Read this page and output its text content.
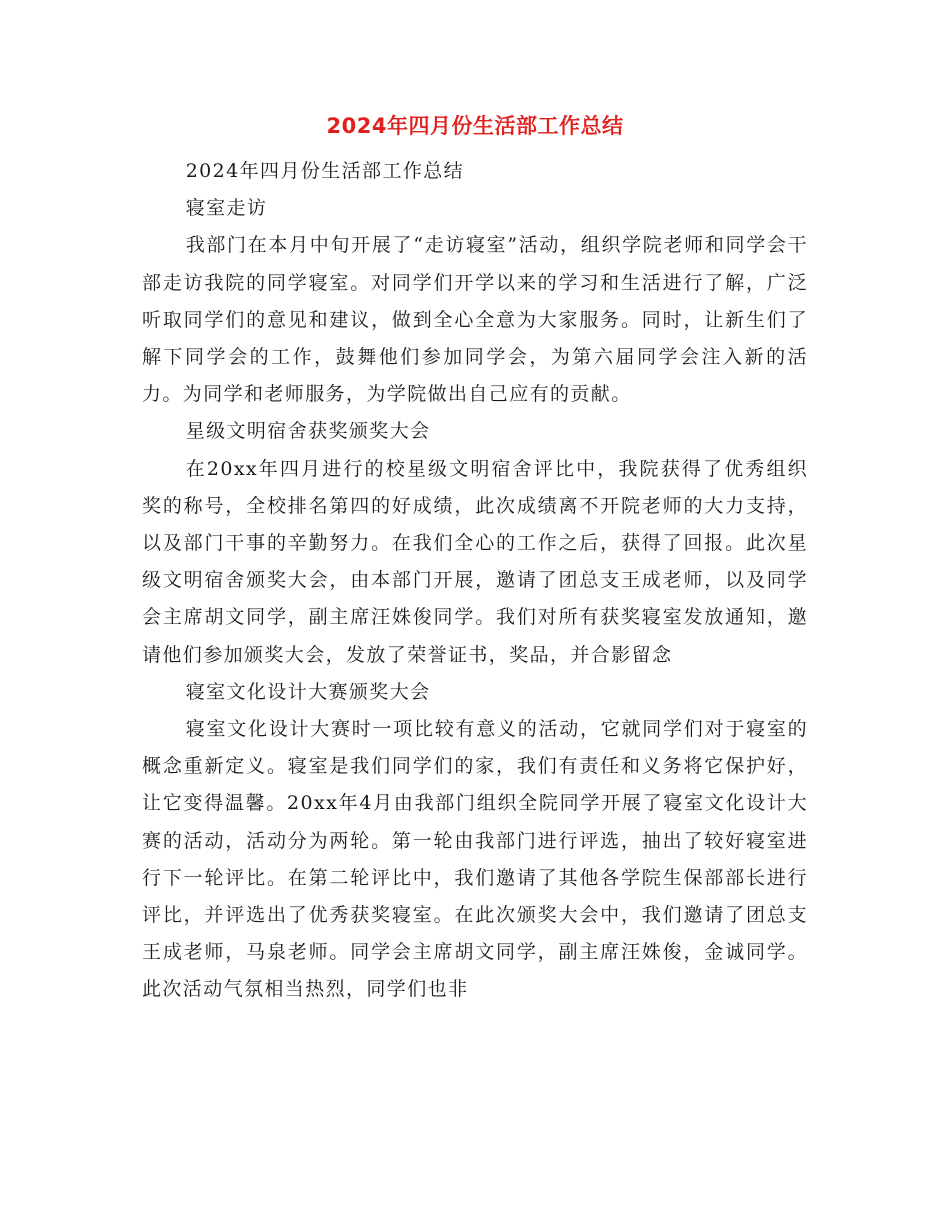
2024年四月份生活部工作总结

2024年四月份生活部工作总结

寝室走访

我部门在本月中旬开展了“走访寝室”活动，组织学院老师和同学会干部走访我院的同学寝室。对同学们开学以来的学习和生活进行了解，广泛听取同学们的意见和建议，做到全心全意为大家服务。同时，让新生们了解下同学会的工作，鼓舞他们参加同学会，为第六届同学会注入新的活力。为同学和老师服务，为学院做出自己应有的贡献。

星级文明宿舍获奖颁奖大会

在20xx年四月进行的校星级文明宿舍评比中，我院获得了优秀组织奖的称号，全校排名第四的好成绩，此次成绩离不开院老师的大力支持，以及部门干事的辛勤努力。在我们全心的工作之后，获得了回报。此次星级文明宿舍颁奖大会，由本部门开展，邀请了团总支王成老师，以及同学会主席胡文同学，副主席汪姝俊同学。我们对所有获奖寝室发放通知，邀请他们参加颁奖大会，发放了荣誉证书，奖品，并合影留念

寝室文化设计大赛颁奖大会

寝室文化设计大赛时一项比较有意义的活动，它就同学们对于寝室的概念重新定义。寝室是我们同学们的家，我们有责任和义务将它保护好，让它变得温馨。20xx年4月由我部门组织全院同学开展了寝室文化设计大赛的活动，活动分为两轮。第一轮由我部门进行评选，抽出了较好寝室进行下一轮评比。在第二轮评比中，我们邀请了其他各学院生保部部长进行评比，并评选出了优秀获奖寝室。在此次颁奖大会中，我们邀请了团总支王成老师，马泉老师。同学会主席胡文同学，副主席汪姝俊，金诚同学。此次活动气氛相当热烈，同学们也非
